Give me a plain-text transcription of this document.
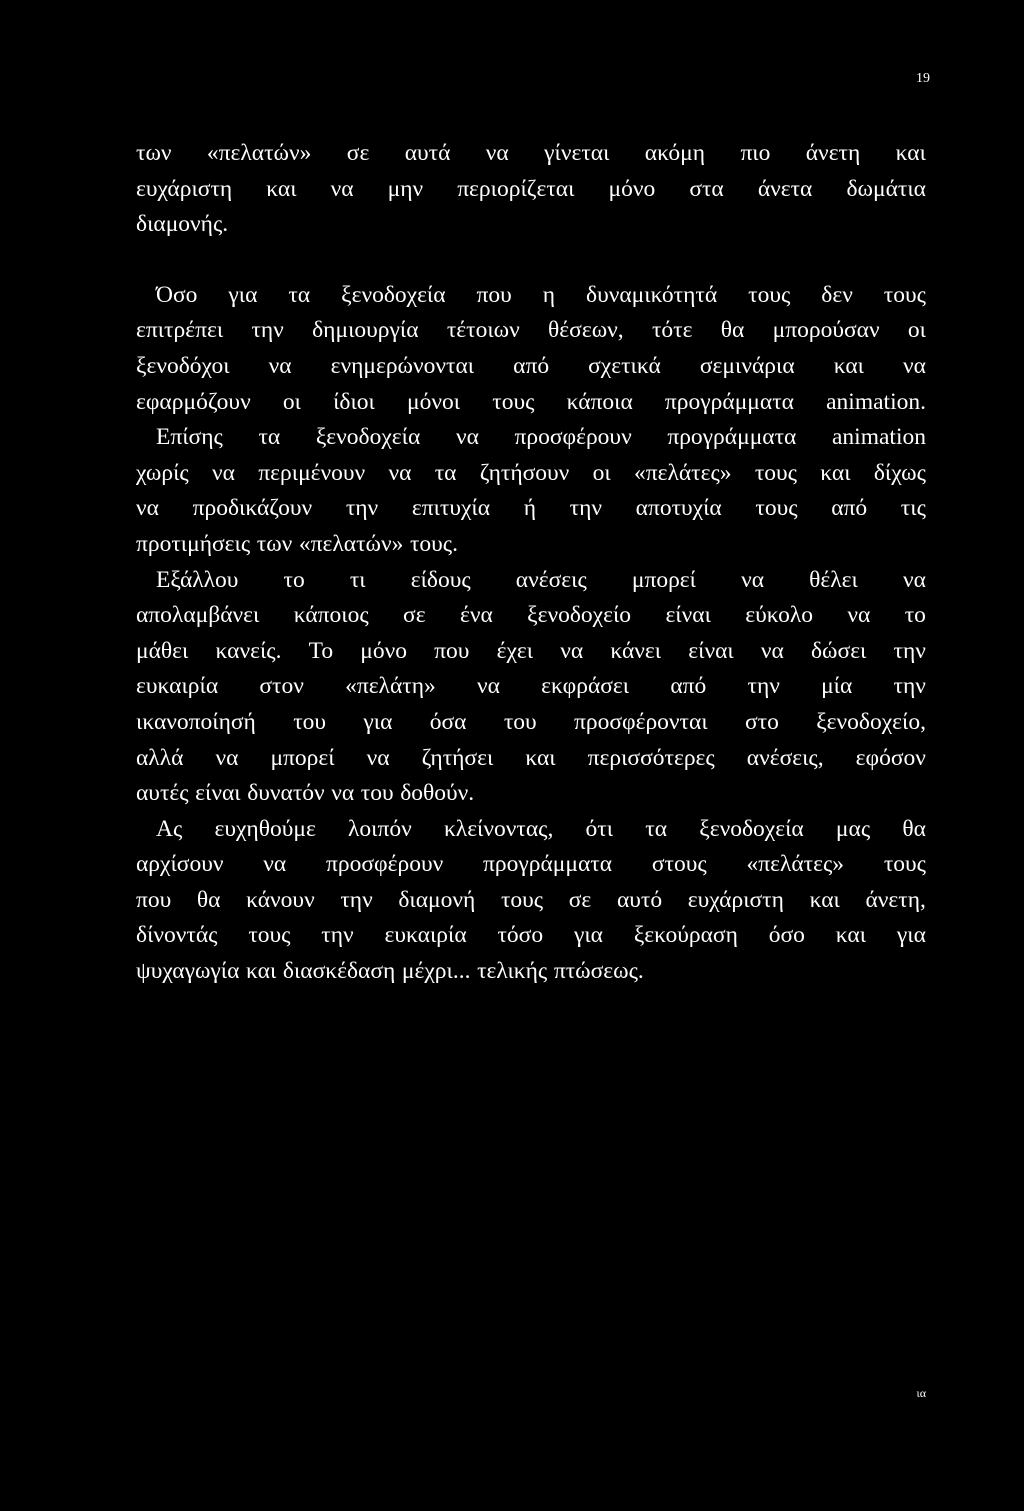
19
των «πελατών» σε αυτά να γίνεται ακόμη πιο άνετη και
ευχάριστη και να μην περιορίζεται μόνο στα άνετα δωμάτια
διαμονής.
Όσο για τα ξενοδοχεία που η δυναμικότητά τους δεν τους
επιτρέπει την δημιουργία τέτοιων θέσεων, τότε θα μπορούσαν οι
ξενοδόχοι να ενημερώνονται από σχετικά σεμινάρια και να
εφαρμόζουν οι ίδιοι μόνοι τους κάποια προγράμματα animation.
Επίσης τα ξενοδοχεία να προσφέρουν προγράμματα animation
χωρίς να περιμένουν να τα ζητήσουν οι «πελάτες» τους και δίχως
να προδικάζουν την επιτυχία ή την αποτυχία τους από τις
προτιμήσεις των «πελατών» τους.
Εξάλλου το τι είδους ανέσεις μπορεί να θέλει να
απολαμβάνει κάποιος σε ένα ξενοδοχείο είναι εύκολο να το
μάθει κανείς. Το μόνο που έχει να κάνει είναι να δώσει την
ευκαιρία στον «πελάτη» να εκφράσει από την μία την
ικανοποίησή του για όσα του προσφέρονται στο ξενοδοχείο,
αλλά να μπορεί να ζητήσει και περισσότερες ανέσεις, εφόσον
αυτές είναι δυνατόν να του δοθούν.
Ας ευχηθούμε λοιπόν κλείνοντας, ότι τα ξενοδοχεία μας θα
αρχίσουν να προσφέρουν προγράμματα στους «πελάτες» τους
που θα κάνουν την διαμονή τους σε αυτό ευχάριστη και άνετη,
δίνοντάς τους την ευκαιρία τόσο για ξεκούραση όσο και για
ψυχαγωγία και διασκέδαση μέχρι... τελικής πτώσεως.
ια
